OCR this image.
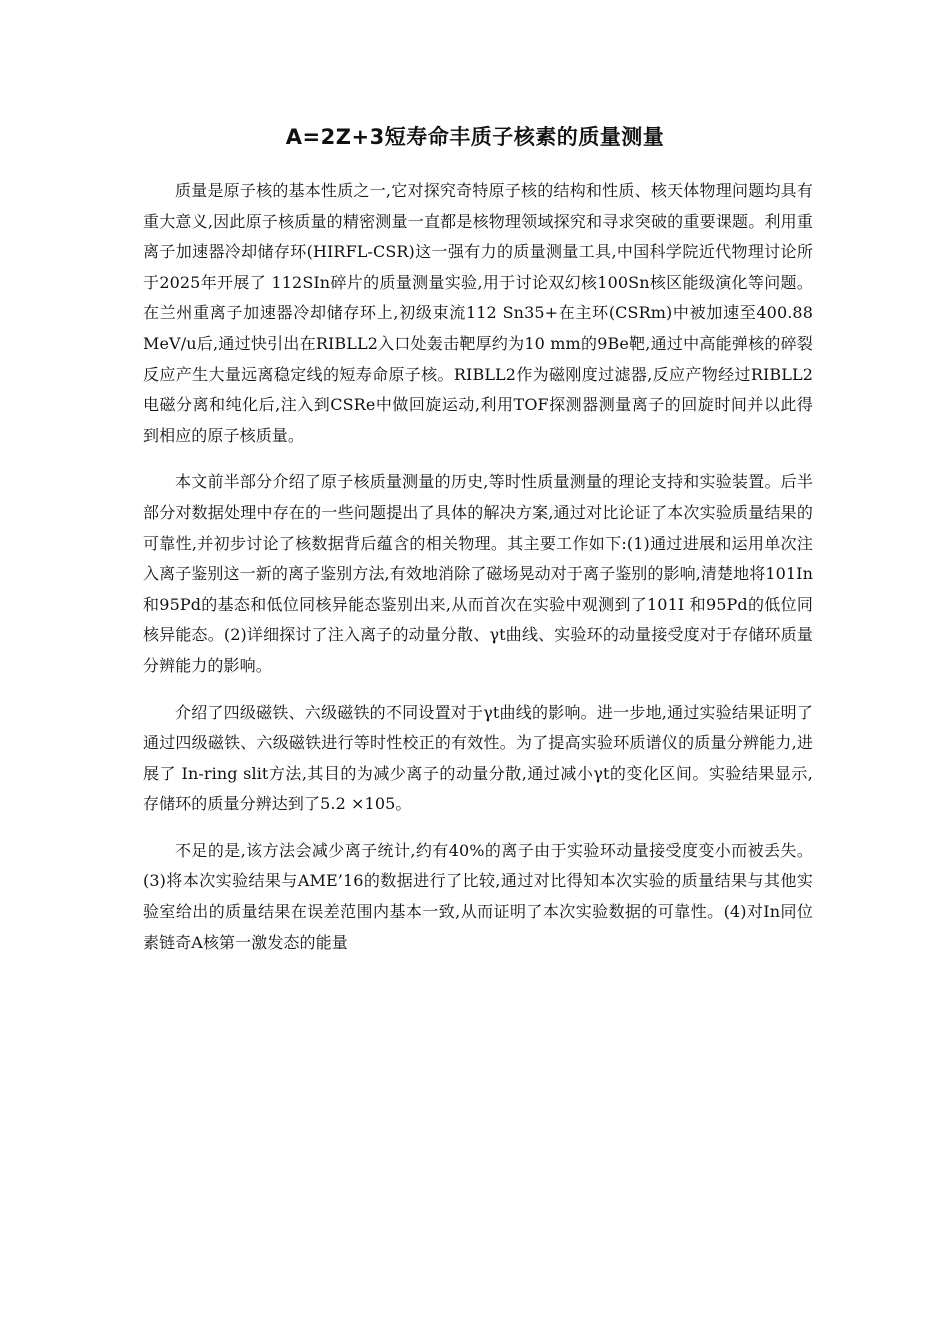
A=2Z+3短寿命丰质子核素的质量测量

质量是原子核的基本性质之一,它对探究奇特原子核的结构和性质、核天体物理问题均具有重大意义,因此原子核质量的精密测量一直都是核物理领域探究和寻求突破的重要课题。利用重离子加速器冷却储存环(HIRFL-CSR)这一强有力的质量测量工具,中国科学院近代物理讨论所于2025年开展了 112SIn碎片的质量测量实验,用于讨论双幻核100Sn核区能级演化等问题。在兰州重离子加速器冷却储存环上,初级束流112 Sn35+在主环(CSRm)中被加速至400.88 MeV/u后,通过快引出在RIBLL2入口处轰击靶厚约为10 mm的9Be靶,通过中高能弹核的碎裂反应产生大量远离稳定线的短寿命原子核。RIBLL2作为磁刚度过滤器,反应产物经过RIBLL2电磁分离和纯化后,注入到CSRe中做回旋运动,利用TOF探测器测量离子的回旋时间并以此得到相应的原子核质量。

本文前半部分介绍了原子核质量测量的历史,等时性质量测量的理论支持和实验装置。后半部分对数据处理中存在的一些问题提出了具体的解决方案,通过对比论证了本次实验质量结果的可靠性,并初步讨论了核数据背后蕴含的相关物理。其主要工作如下:(1)通过进展和运用单次注入离子鉴别这一新的离子鉴别方法,有效地消除了磁场晃动对于离子鉴别的影响,清楚地将101In和95Pd的基态和低位同核异能态鉴别出来,从而首次在实验中观测到了101I 和95Pd的低位同核异能态。(2)详细探讨了注入离子的动量分散、γt曲线、实验环的动量接受度对于存储环质量分辨能力的影响。

介绍了四级磁铁、六级磁铁的不同设置对于γt曲线的影响。进一步地,通过实验结果证明了通过四级磁铁、六级磁铁进行等时性校正的有效性。为了提高实验环质谱仪的质量分辨能力,进展了 In-ring slit方法,其目的为减少离子的动量分散,通过减小γt的变化区间。实验结果显示,存储环的质量分辨达到了5.2 ×105。

不足的是,该方法会减少离子统计,约有40%的离子由于实验环动量接受度变小而被丢失。(3)将本次实验结果与AME’16的数据进行了比较,通过对比得知本次实验的质量结果与其他实验室给出的质量结果在误差范围内基本一致,从而证明了本次实验数据的可靠性。(4)对In同位素链奇A核第一激发态的能量
